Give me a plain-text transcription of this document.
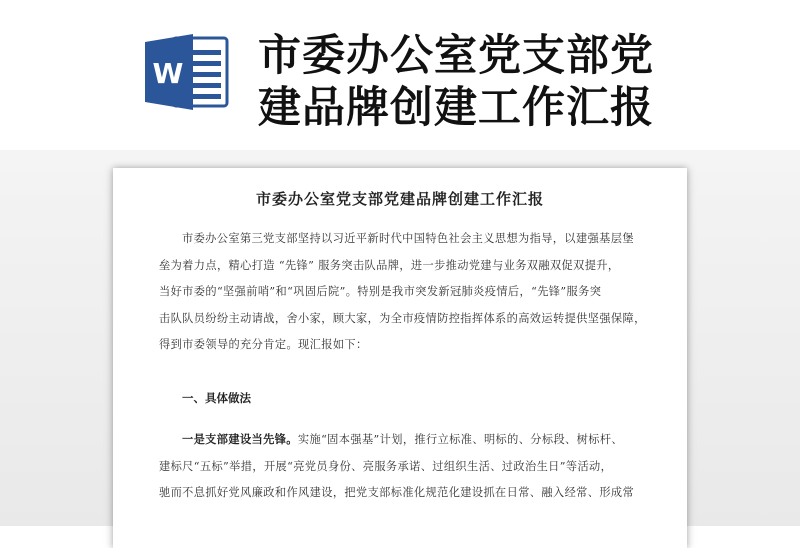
W 市委办公室党支部党
建品牌创建工作汇报
市委办公室党支部党建品牌创建工作汇报

市委办公室第三党支部坚持以习近平新时代中国特色社会主义思想为指导，以建强基层堡
垒为着力点，精心打造 “先锋” 服务突击队品牌，进一步推动党建与业务双融双促双提升，
当好市委的“坚强前哨”和“巩固后院”。特别是我市突发新冠肺炎疫情后，“先锋”服务突
击队队员纷纷主动请战，舍小家，顾大家，为全市疫情防控指挥体系的高效运转提供坚强保障，
得到市委领导的充分肯定。现汇报如下：

一、具体做法

一是支部建设当先锋。实施“固本强基”计划，推行立标准、明标的、分标段、树标杆、
建标尺“五标”举措，开展“亮党员身份、亮服务承诺、过组织生活、过政治生日”等活动，
驰而不息抓好党风廉政和作风建设，把党支部标准化规范化建设抓在日常、融入经常、形成常
